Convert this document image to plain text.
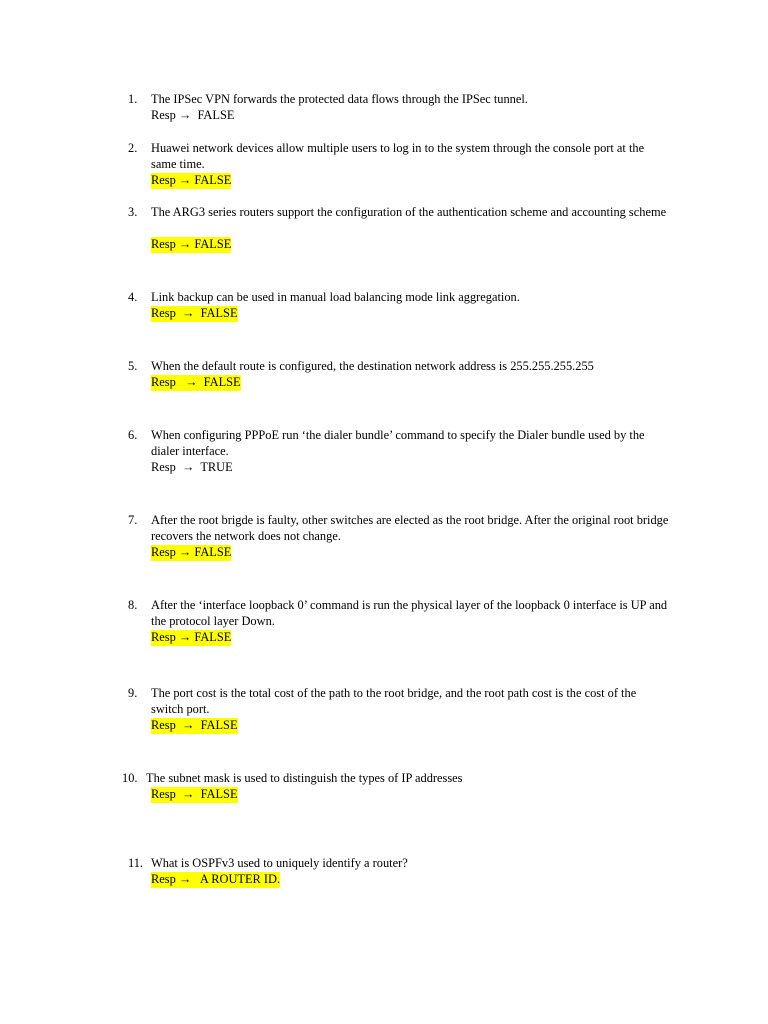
1. The IPSec VPN forwards the protected data flows through the IPSec tunnel.
Resp →  FALSE
2. Huawei network devices allow multiple users to log in to the system through the console port at the same time.
Resp → FALSE
3. The ARG3 series routers support the configuration of the authentication scheme and accounting scheme
Resp → FALSE
4. Link backup can be used in manual load balancing mode link aggregation.
Resp  →  FALSE
5. When the default route is configured, the destination network address is 255.255.255.255
Resp   →  FALSE
6. When configuring PPPoE run ‘the dialer bundle’ command to specify the Dialer bundle used by the dialer interface.
Resp  →  TRUE
7. After the root brigde is faulty, other switches are elected as the root bridge. After the original root bridge recovers the network does not change.
Resp → FALSE
8. After the ‘interface loopback 0’ command is run the physical layer of the loopback 0 interface is UP and the protocol layer Down.
Resp → FALSE
9. The port cost is the total cost of the path to the root bridge, and the root path cost is the cost of the switch port.
Resp  →  FALSE
10. The subnet mask is used to distinguish the types of IP addresses
Resp  →  FALSE
11. What is OSPFv3 used to uniquely identify a router?
Resp →   A ROUTER ID.
